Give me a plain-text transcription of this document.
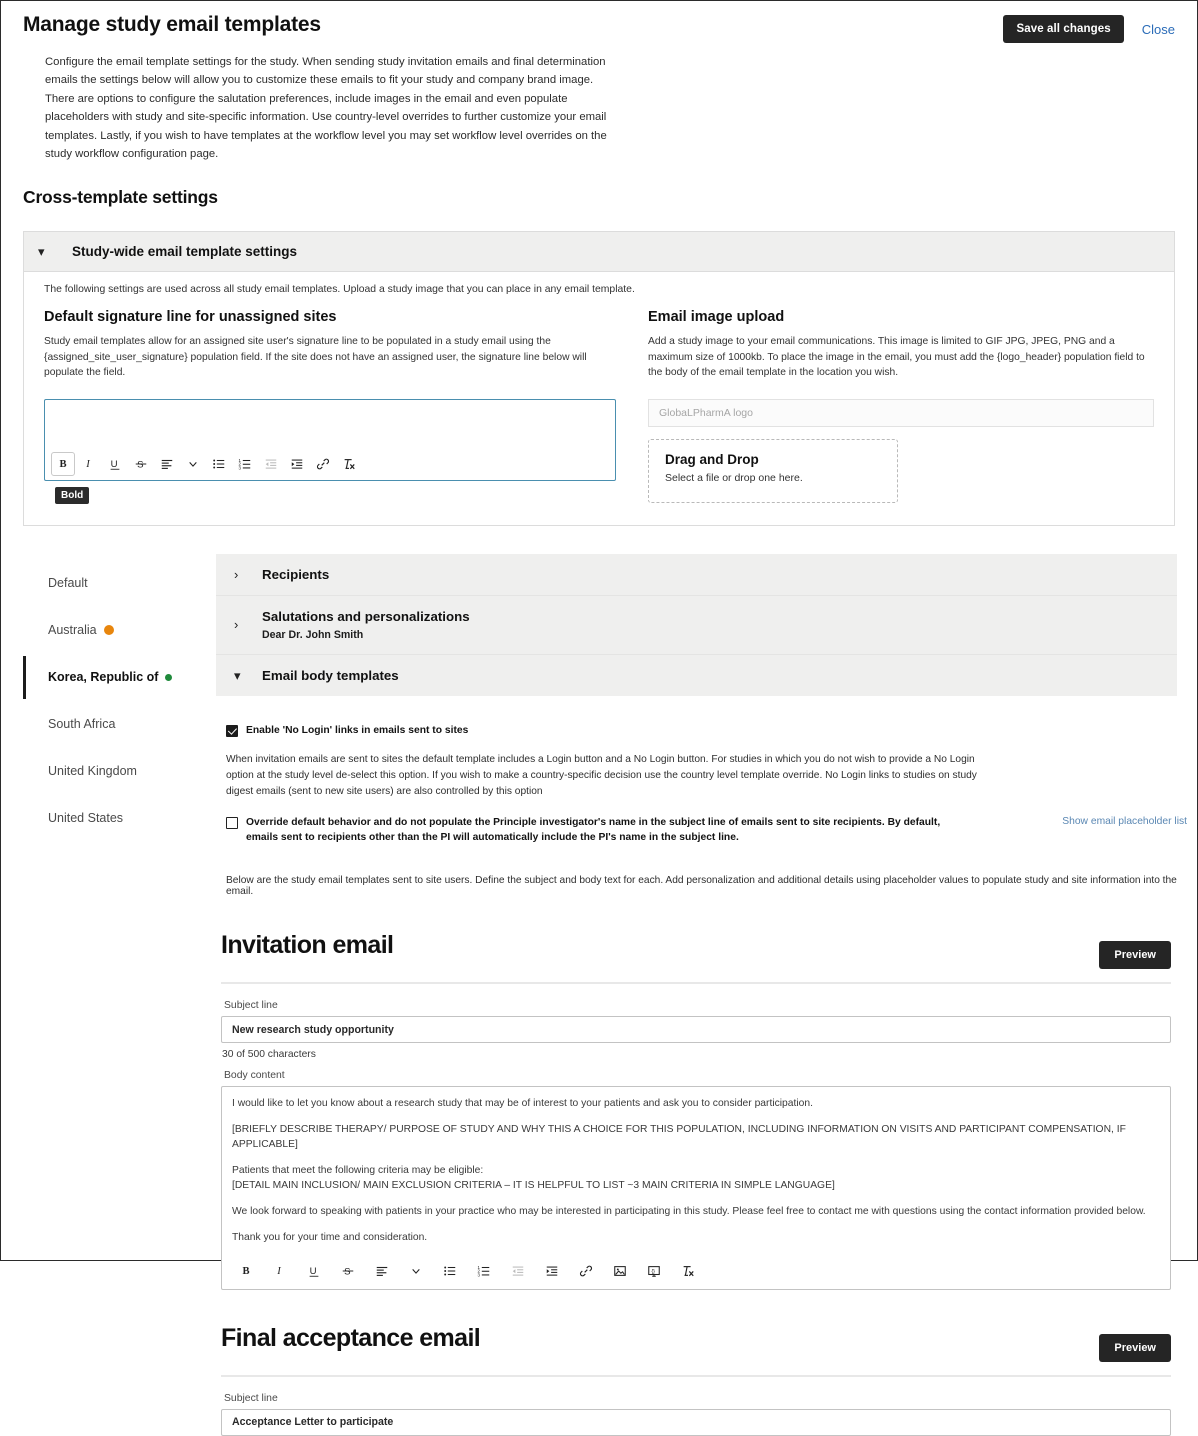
Manage study email templates	Save all changes	Close

Configure the email template settings for the study. When sending study invitation emails and final determination emails the settings below will allow you to customize these emails to fit your study and company brand image. There are options to configure the salutation preferences, include images in the email and even populate placeholders with study and site-specific information. Use country-level overrides to further customize your email templates. Lastly, if you wish to have templates at the workflow level you may set workflow level overrides on the study workflow configuration page.

Cross-template settings
▾	Study-wide email template settings
The following settings are used across all study email templates. Upload a study image that you can place in any email template.
Default signature line for unassigned sites

Study email templates allow for an assigned site user's signature line to be populated in a study email using the {assigned_site_user_signature} population field. If the site does not have an assigned user, the signature line below will populate the field.

B I U S	1
2
3
Bold
Email image upload

Add a study image to your email communications. This image is limited to GIF JPG, JPEG, PNG and a maximum size of 1000kb. To place the image in the email, you must add the {logo_header} population field to the body of the email template in the location you wish.

GlobaLPharmA logo
Drag and Drop
Select a file or drop one here.
Default
Australia
Korea, Republic of
South Africa
United Kingdom
United States
›	Recipients
›
Salutations and personalizations
Dear Dr. John Smith
▾	Email body templates
Enable 'No Login' links in emails sent to sites

When invitation emails are sent to sites the default template includes a Login button and a No Login button. For studies in which you do not wish to provide a No Login option at the study level de-select this option. If you wish to make a country-specific decision use the country level template override. No Login links to studies on study digest emails (sent to new site users) are also controlled by this option

Override default behavior and do not populate the Principle investigator's name in the subject line of emails sent to site recipients. By default, emails sent to recipients other than the PI will automatically include the PI's name in the subject line.
Show email placeholder list

Below are the study email templates sent to site users. Define the subject and body text for each. Add personalization and additional details using placeholder values to populate study and site information into the email.

Invitation email	Preview
Subject line
New research study opportunity
30 of 500 characters
Body content

I would like to let you know about a research study that may be of interest to your patients and ask you to consider participation.

[BRIEFLY DESCRIBE THERAPY/ PURPOSE OF STUDY AND WHY THIS A CHOICE FOR THIS POPULATION, INCLUDING INFORMATION ON VISITS AND PARTICIPANT COMPENSATION, IF APPLICABLE]

Patients that meet the following criteria may be eligible:

[DETAIL MAIN INCLUSION/ MAIN EXCLUSION CRITERIA – IT IS HELPFUL TO LIST ~3 MAIN CRITERIA IN SIMPLE LANGUAGE]

We look forward to speaking with patients in your practice who may be interested in participating in this study. Please feel free to contact me with questions using the contact information provided below.

Thank you for your time and consideration.

B I	U S	1
2
3	{}
Final acceptance email	Preview
Subject line
Acceptance Letter to participate
